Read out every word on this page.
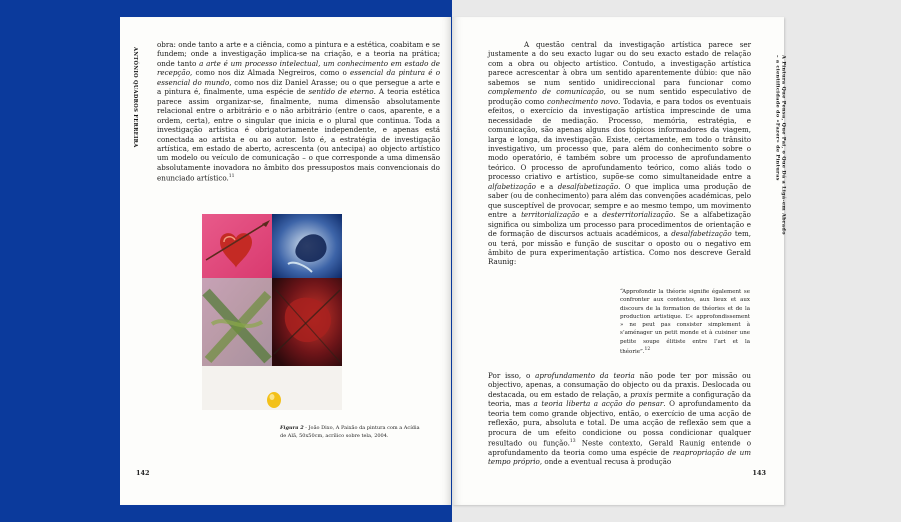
ANTÓNIO QUADROS FERREIRA
obra: onde tanto a arte e a ciência, como a pintura e a estética, coabitam e se fundem; onde a investigação implica-se na criação, e a teoria na prática; onde tanto a arte é um processo intelectual, um conhecimento em estado de recepção, como nos diz Almada Negreiros, como o essencial da pintura é o essencial do mundo, como nos diz Daniel Arasse; ou o que persegue a arte e a pintura é, finalmente, uma espécie de sentido de eterno. A teoria estética parece assim organizar-se, finalmente, numa dimensão absolutamente relacional entre o arbitrário e o não arbitrário (entre o caos, aparente, e a ordem, certa), entre o singular que inicia e o plural que continua. Toda a investigação artística é obrigatoriamente independente, e apenas está conectada ao artista e ou ao autor. Isto é, a estratégia de investigação artística, em estado de aberto, acrescenta (ou antecipa) ao objecto artístico um modelo ou veículo de comunicação – o que corresponde a uma dimensão absolutamente inovadora no âmbito dos pressupostos mais convencionais do enunciado artístico.$^{11}$
Figura 2 - João Dixo, A Paixão da pintura com a Acídia de Alã, 50x50cm, acrílico sobre tela, 2004.
142
A Pintura Que Pensa, Que Pai, o Que Dá a Ligá-em Abrado
– a cientificidade do «Fazer» de Pinturas
A questão central da investigação artística parece ser justamente a do seu exacto lugar ou do seu exacto estado de relação com a obra ou objecto artístico. Contudo, a investigação artística parece acrescentar à obra um sentido aparentemente dúbio: que não sabemos se num sentido unidireccional para funcionar como complemento de comunicação, ou se num sentido especulativo de produção como conhecimento novo. Todavia, e para todos os eventuais efeitos, o exercício da investigação artística imprescinde de uma necessidade de mediação. Processo, memória, estratégia, e comunicação, são apenas alguns dos tópicos informadores da viagem, larga e longa, da investigação. Existe, certamente, em todo o trânsito investigativo, um processo que, para além do conhecimento sobre o modo operatório, é também sobre um processo de aprofundamento teórico. O processo de aprofundamento teórico, como aliás todo o processo criativo e artístico, supõe-se como simultaneidade entre a alfabetização e a desalfabetização. O que implica uma produção de saber (ou de conhecimento) para além das convenções académicas, pelo que susceptível de provocar, sempre e ao mesmo tempo, um movimento entre a territorialização e a desterritorialização. Se a alfabetização significa ou simboliza um processo para procedimentos de orientação e de formação de discursos actuais académicos, a desalfabetização tem, ou terá, por missão e função de suscitar o oposto ou o negativo em âmbito de pura experimentação artística. Como nos descreve Gerald Raunig:
“Approfondir la théorie signifie également se confronter aux contextes, aux lieux et aux discours de la formation de théories et de la production artistique. L’« approfondissement » ne peut pas consister simplement à s’aménager un petit monde et à cuisiner une petite soupe élitiste entre l’art et la théorie”.$^{12}$
Por isso, o aprofundamento da teoria não pode ter por missão ou objectivo, apenas, a consumação do objecto ou da praxis. Deslocada ou destacada, ou em estado de relação, a praxis permite a configuração da teoria, mas a teoria liberta a acção do pensar. O aprofundamento da teoria tem como grande objectivo, então, o exercício de uma acção de reflexão, pura, absoluta e total. De uma acção de reflexão sem que a procura de um efeito condicione ou possa condicionar qualquer resultado ou função.$^{13}$ Neste contexto, Gerald Raunig entende o aprofundamento da teoria como uma espécie de reapropriação de um tempo próprio, onde a eventual recusa à produção
143
